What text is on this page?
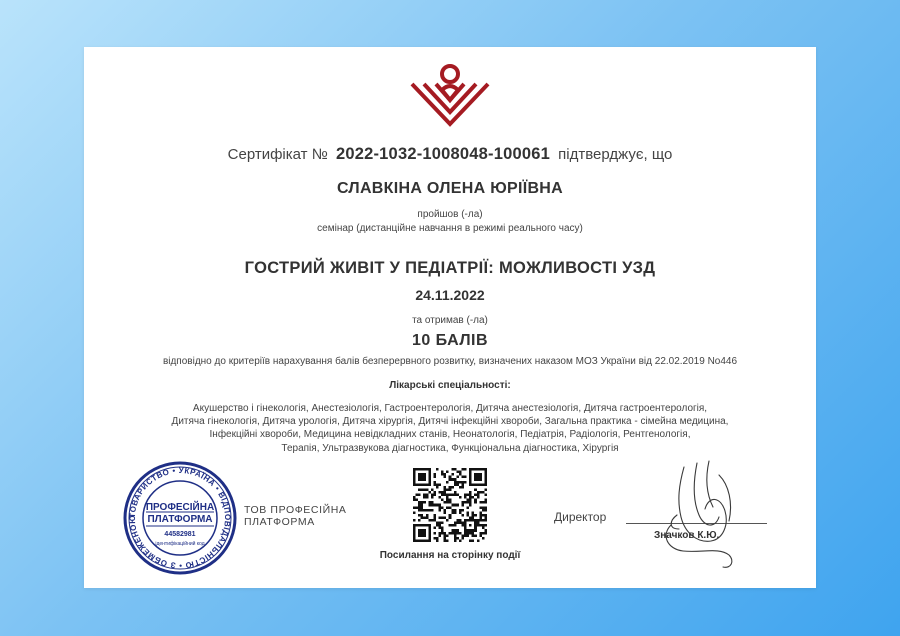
Сертифікат № 2022-1032-1008048-100061 підтверджує, що
СЛАВКІНА ОЛЕНА ЮРІЇВНА
пройшов (-ла)
семінар (дистанційне навчання в режимі реального часу)
ГОСТРИЙ ЖИВІТ У ПЕДІАТРІЇ: МОЖЛИВОСТІ УЗД
24.11.2022
та отримав (-ла)
10 БАЛІВ
відповідно до критеріїв нарахування балів безперервного розвитку, визначених наказом МОЗ України від 22.02.2019 No446
Лікарські спеціальності:
Акушерство і гінекологія, Анестезіологія, Гастроентерологія, Дитяча анестезіологія, Дитяча гастроентерологія,
Дитяча гінекологія, Дитяча урологія, Дитяча хірургія, Дитячі інфекційні хвороби, Загальна практика - сімейна медицина,
Інфекційні хвороби, Медицина невідкладних станів, Неонатологія, Педіатрія, Радіологія, Рентгенологія,
Терапія, Ультразвукова діагностика, Функціональна діагностика, Хірургія
ТОВАРИСТВО • УКРАЇНА • ВІДПОВІДАЛЬНІСТЮ • З ОБМЕЖЕНОЮ
ПРОФЕСІЙНА
ПЛАТФОРМА
44582981
ідентифікаційний код
ТОВ ПРОФЕСІЙНА
ПЛАТФОРМА
Посилання на сторінку події
Директор
Значков К.Ю.
